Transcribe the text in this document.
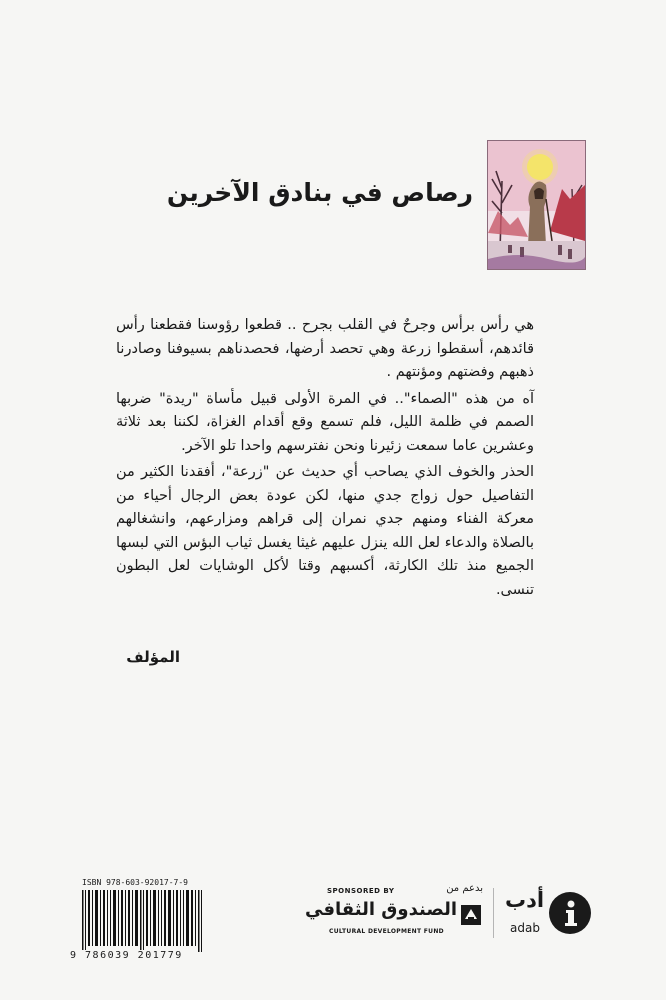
رصاص في بنادق الآخرين

هي رأس برأس وجرحٌ في القلب بجرح .. قطعوا رؤوسنا فقطعنا رأس قائدهم، أسقطوا زرعة وهي تحصد أرضها، فحصدناهم بسيوفنا وصادرنا ذهبهم وفضتهم ومؤنتهم .

آه من هذه "الصماء".. في المرة الأولى قبيل مأساة "ريدة" ضربها الصمم في ظلمة الليل، فلم تسمع وقع أقدام الغزاة، لكننا بعد ثلاثة وعشرين عاما سمعت زئيرنا ونحن نفترسهم واحدا تلو الآخر.

الحذر والخوف الذي يصاحب أي حديث عن "زرعة"، أفقدنا الكثير من التفاصيل حول زواج جدي منها، لكن عودة بعض الرجال أحياء من معركة الفناء ومنهم جدي نمران إلى قراهم ومزارعهم، وانشغالهم بالصلاة والدعاء لعل الله ينزل عليهم غيثا يغسل ثياب البؤس التي لبسها الجميع منذ تلك الكارثة، أكسبهم وقتا لأكل الوشايات لعل البطون تنسى.

المؤلف

ISBN 978-603-92017-7-9
9 786039 201779
SPONSORED BY	بدعم من
الصندوق الثقافي
CULTURAL DEVELOPMENT FUND
أدب
adab
